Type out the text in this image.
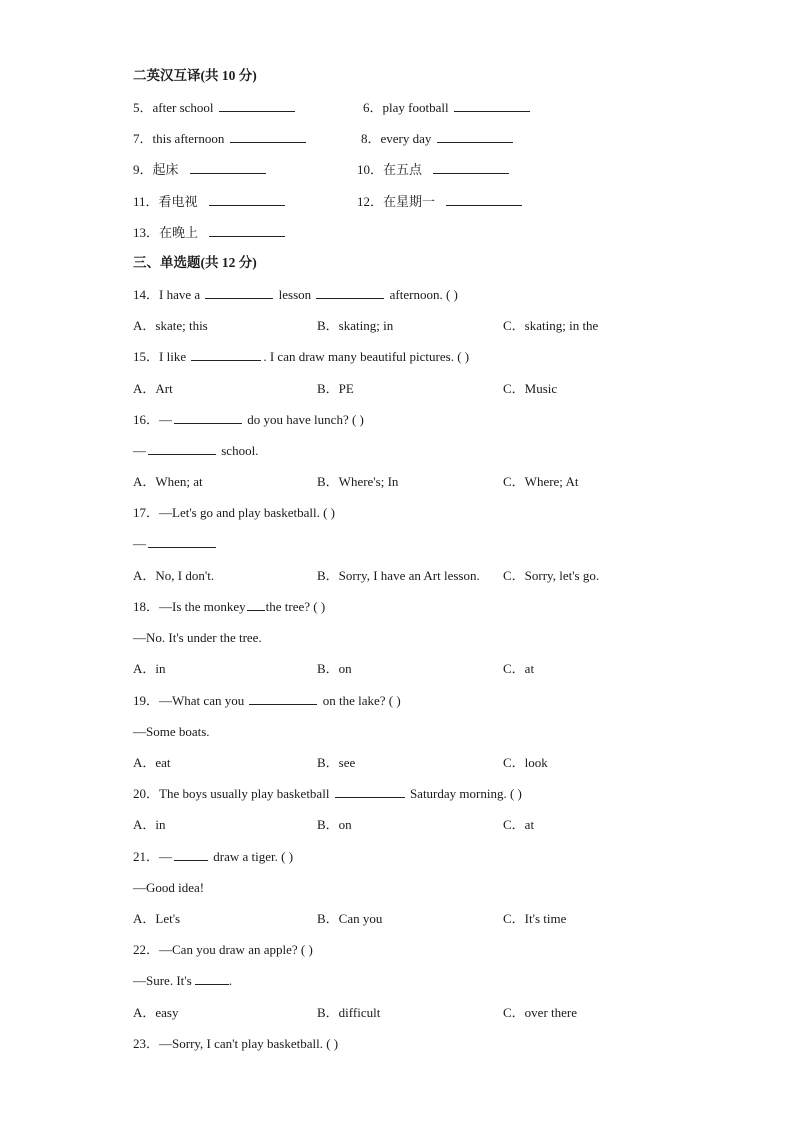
二英汉互译(共 10 分)
5．after school	6．play football
7．this afternoon	8．every day
9．起床	10．在五点
11．看电视	12．在星期一
13．在晚上
三、单选题(共 12 分)
14．I have a	lesson	afternoon. ( )
A．skate; this	B．skating; in	C．skating; in the
15．I like	. I can draw many beautiful pictures. ( )
A．Art	B．PE	C．Music
16．—	do you have lunch? ( )
—	school.
A．When; at	B．Where's; In	C．Where; At
17．—Let's go and play basketball. ( )
—
A．No, I don't.	B．Sorry, I have an Art lesson. C．Sorry, let's go.
18．—Is the monkey the tree? ( )
—No. It's under the tree.
A．in	B．on	C．at
19．—What can you	on the lake? ( )
—Some boats.
A．eat	B．see	C．look
20．The boys usually play basketball	Saturday morning. ( )
A．in	B．on	C．at
21．—	draw a tiger. ( )
—Good idea!
A．Let's	B．Can you	C．It's time
22．—Can you draw an apple? ( )
—Sure. It's	.
A．easy	B．difficult	C．over there
23．—Sorry, I can't play basketball. ( )
